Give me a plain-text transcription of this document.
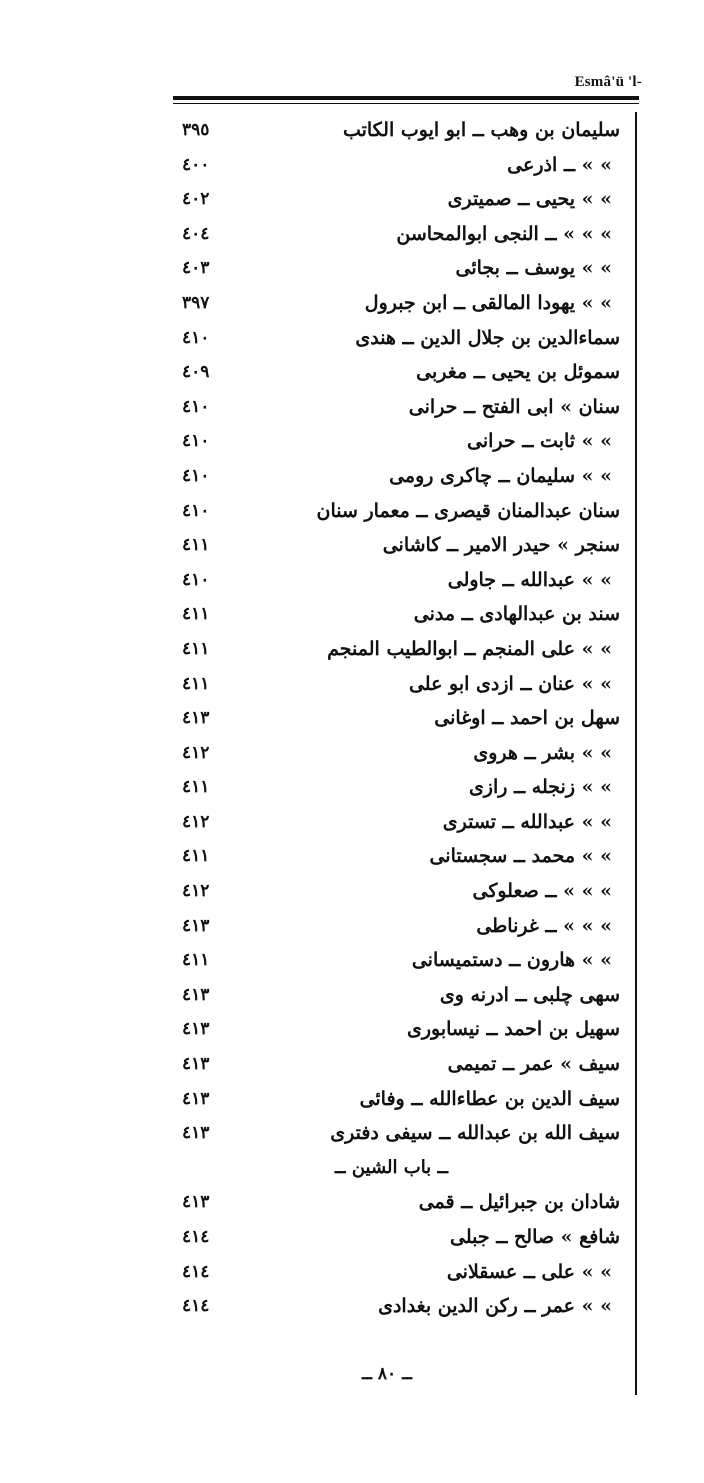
Esmâ'ü 'l-
سليمان بن وهب ــ ابو ايوب الكاتب
٣٩٥
» » ــ اذرعى
٤٠٠
» » يحيى ــ صميترى
٤٠٢
» » » ــ النجى ابوالمحاسن
٤٠٤
» » يوسف ــ بجائى
٤٠٣
» » يهودا المالقى ــ ابن جبرول
٣٩٧
سماءالدين بن جلال الدين ــ هندى
٤١٠
سموئل بن يحيى ــ مغربى
٤٠٩
سنان » ابى الفتح ــ حرانى
٤١٠
» » ثابت ــ حرانى
٤١٠
» » سليمان ــ چاكرى رومى
٤١٠
سنان عبدالمنان قيصرى ــ معمار سنان
٤١٠
سنجر » حيدر الامير ــ كاشانى
٤١١
» » عبدالله ــ جاولى
٤١٠
سند بن عبدالهادى ــ مدنى
٤١١
» » على المنجم ــ ابوالطيب المنجم
٤١١
» » عنان ــ ازدى ابو على
٤١١
سهل بن احمد ــ اوغانى
٤١٣
» » بشر ــ هروى
٤١٢
» » زنجله ــ رازى
٤١١
» » عبدالله ــ تسترى
٤١٢
» » محمد ــ سجستانى
٤١١
» » » ــ صعلوكى
٤١٢
» » » ــ غرناطى
٤١٣
» » هارون ــ دستميسانى
٤١١
سهى چلبى ــ ادرنه وى
٤١٣
سهيل بن احمد ــ نيسابورى
٤١٣
سيف » عمر ــ تميمى
٤١٣
سيف الدين بن عطاءالله ــ وفائى
٤١٣
سيف الله بن عبدالله ــ سيفى دفترى
٤١٣
ــ باب الشين ــ
شادان بن جبرائيل ــ قمى
٤١٣
شافع » صالح ــ جبلى
٤١٤
» » على ــ عسقلانى
٤١٤
» » عمر ــ ركن الدين بغدادى
٤١٤
ــ ٨٠ ــ
